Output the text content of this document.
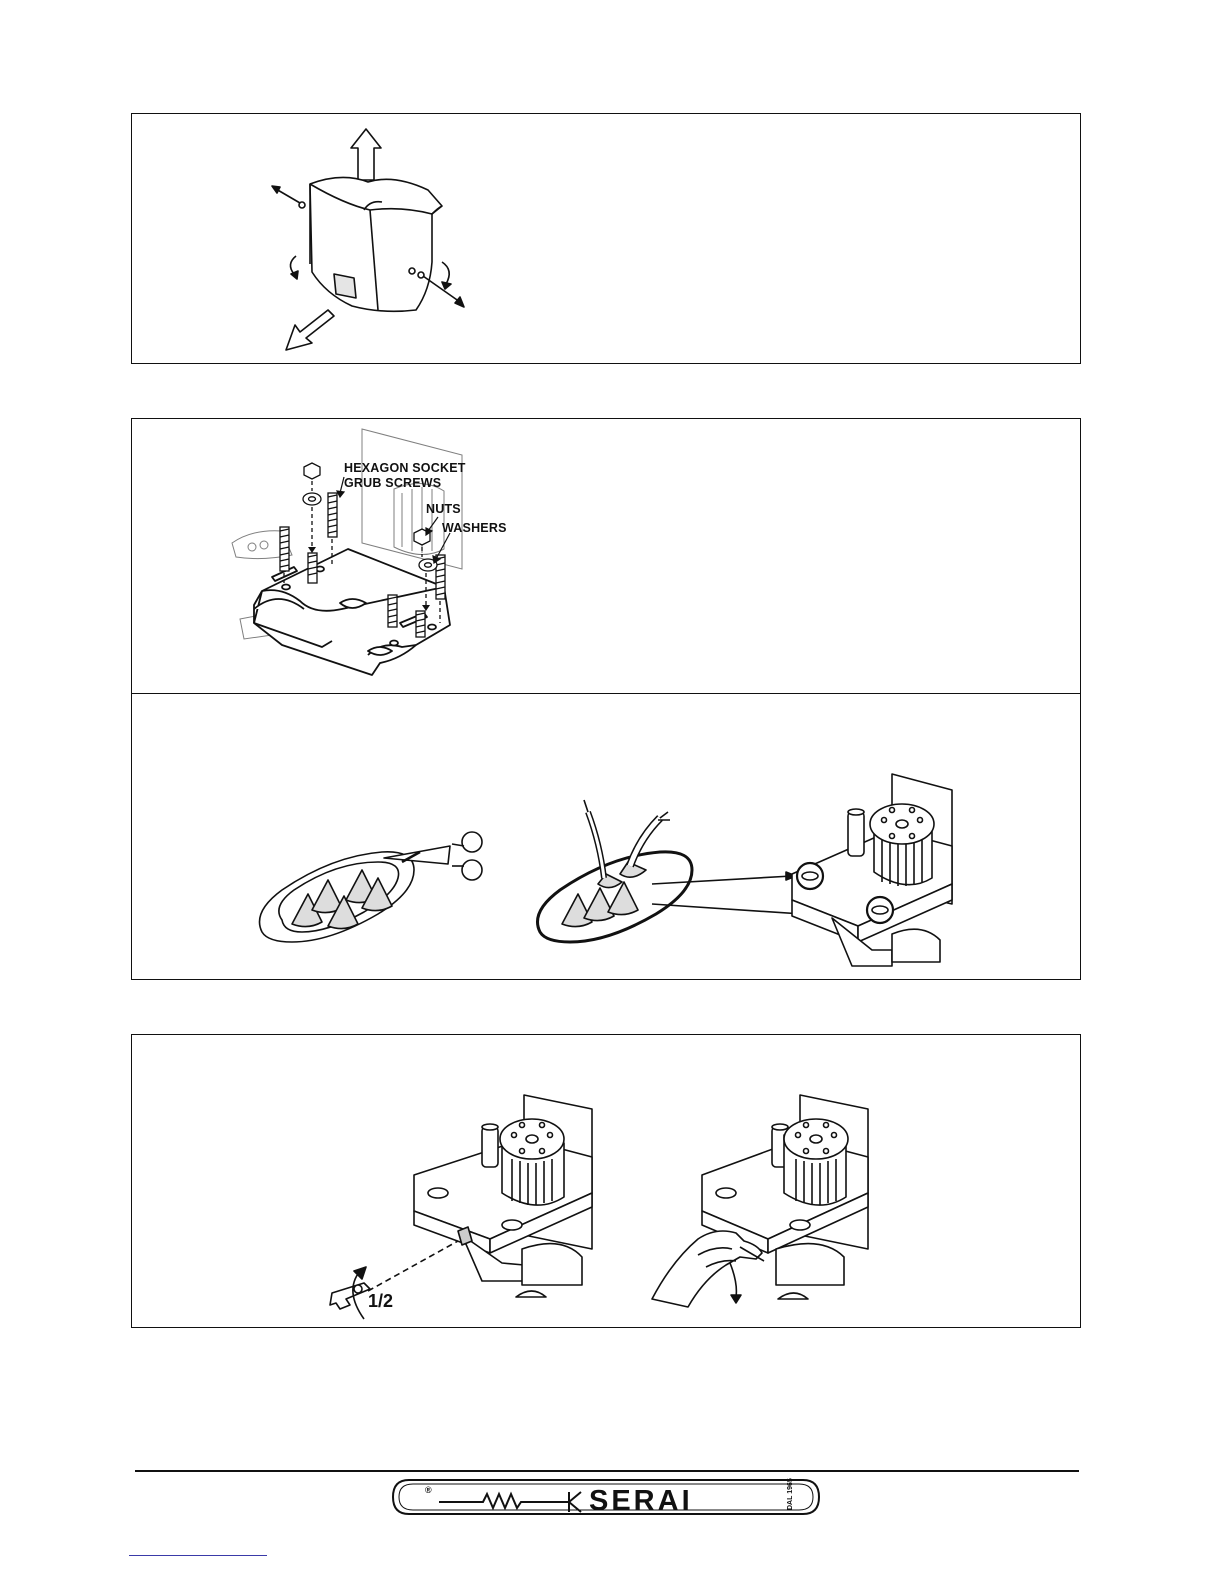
HEXAGON SOCKET
GRUB SCREWS
NUTS
WASHERS
1/2
®	SERAI	DAL 1965
